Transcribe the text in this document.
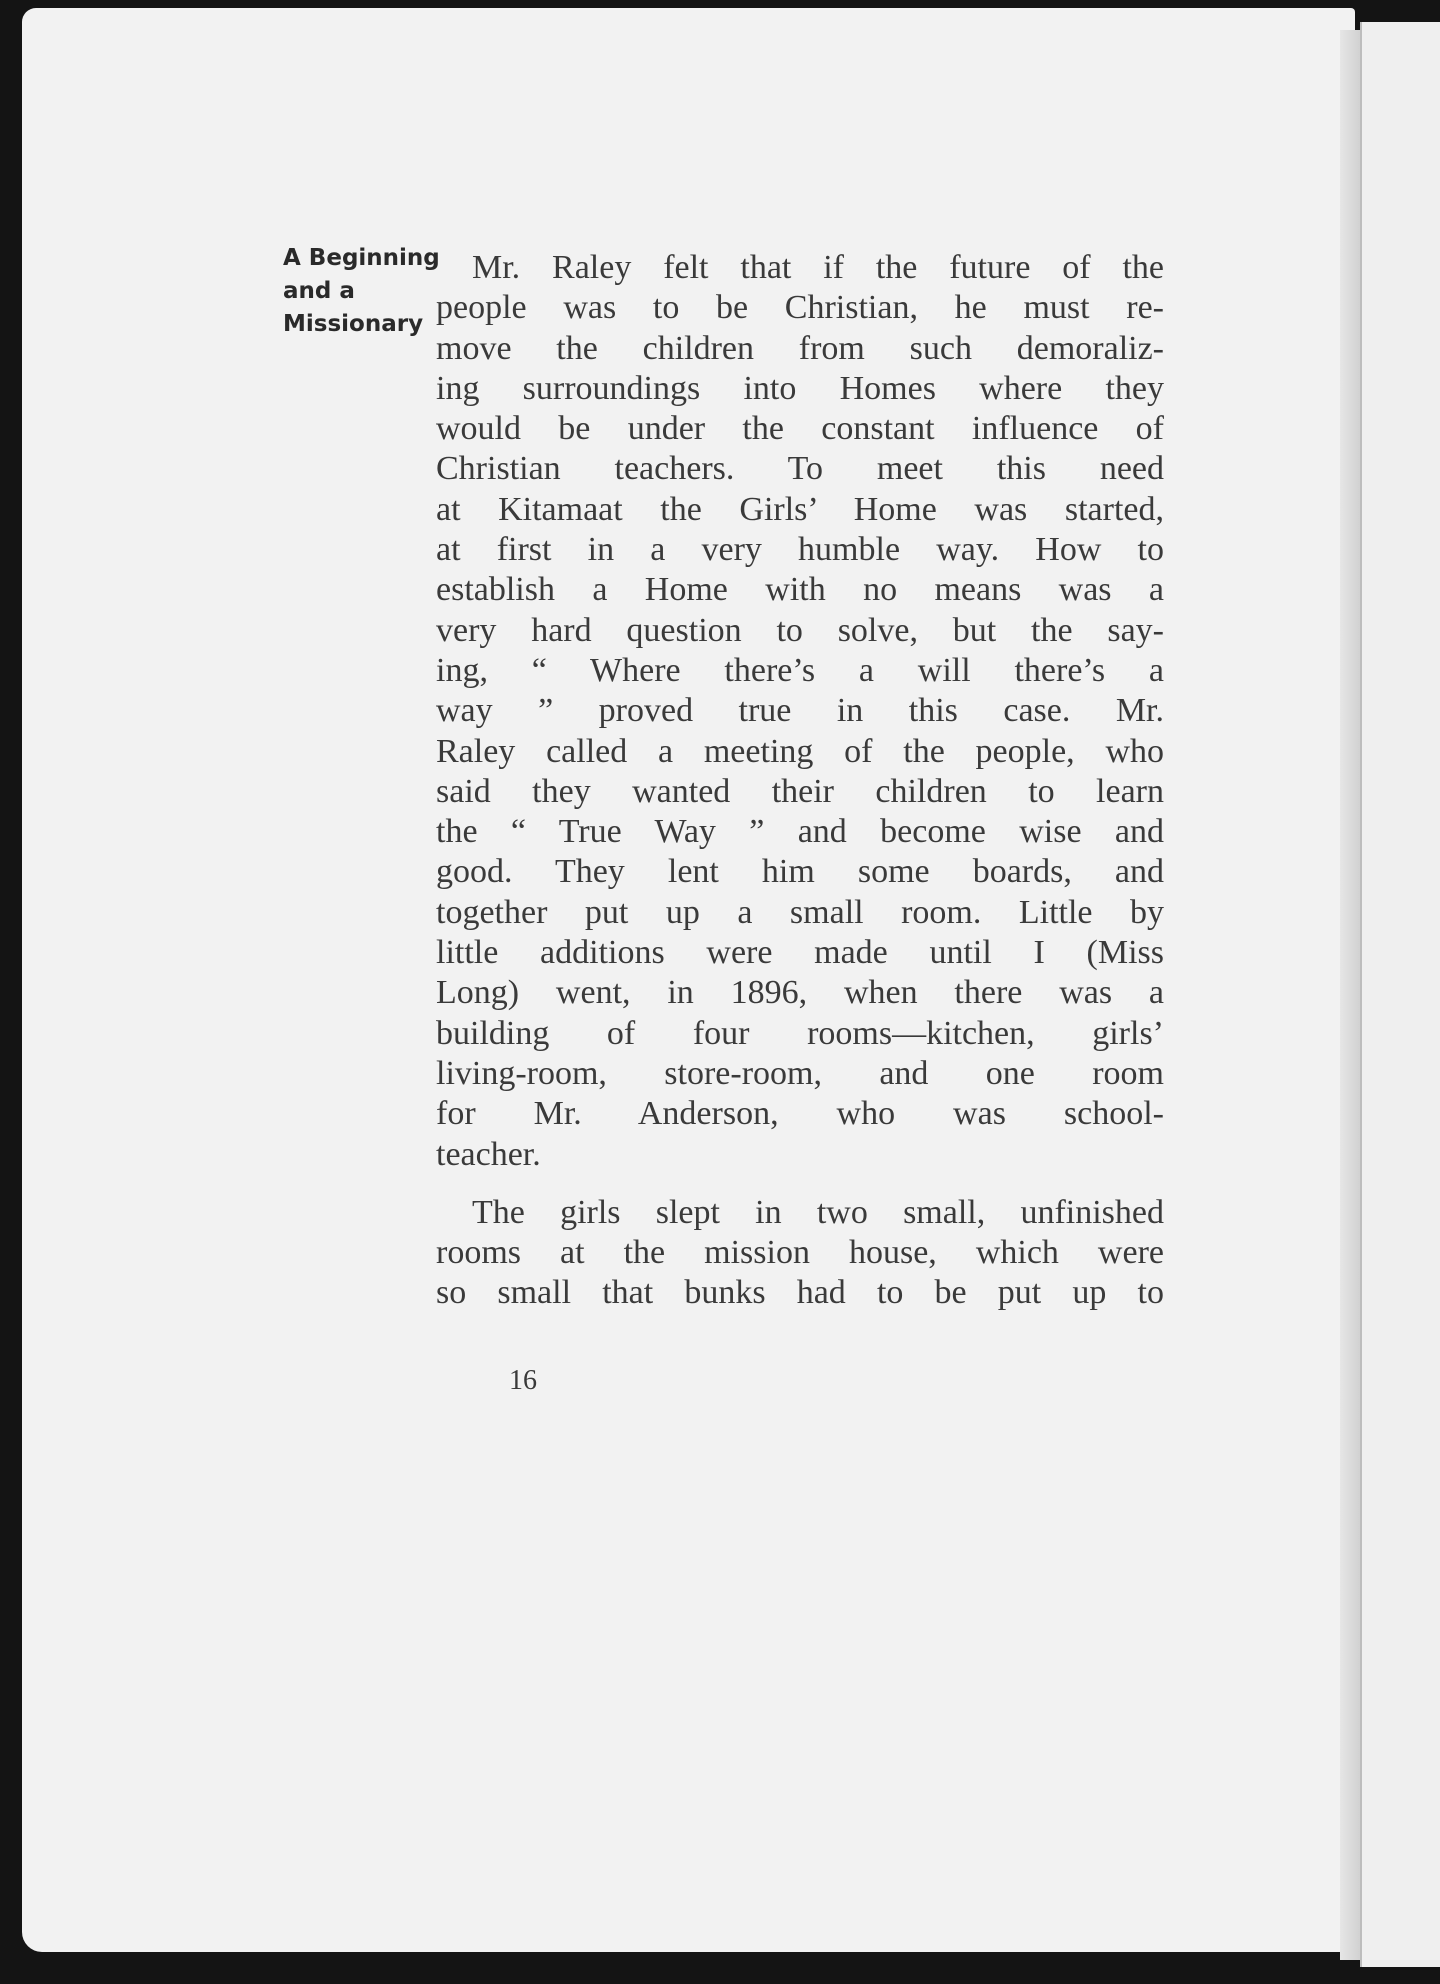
A Beginning
and a
Missionary

Mr. Raley felt that if the future of the
people was to be Christian, he must re-
move the children from such demoraliz-
ing surroundings into Homes where they
would be under the constant influence of
Christian teachers. To meet this need
at Kitamaat the Girls’ Home was started,
at first in a very humble way. How to
establish a Home with no means was a
very hard question to solve, but the say-
ing, “ Where there’s a will there’s a
way ” proved true in this case. Mr.
Raley called a meeting of the people, who
said they wanted their children to learn
the “ True Way ” and become wise and
good. They lent him some boards, and
together put up a small room. Little by
little additions were made until I (Miss
Long) went, in 1896, when there was a
building of four rooms—kitchen, girls’
living-room, store-room, and one room
for Mr. Anderson, who was school-
teacher.

The girls slept in two small, unfinished
rooms at the mission house, which were
so small that bunks had to be put up to

16
